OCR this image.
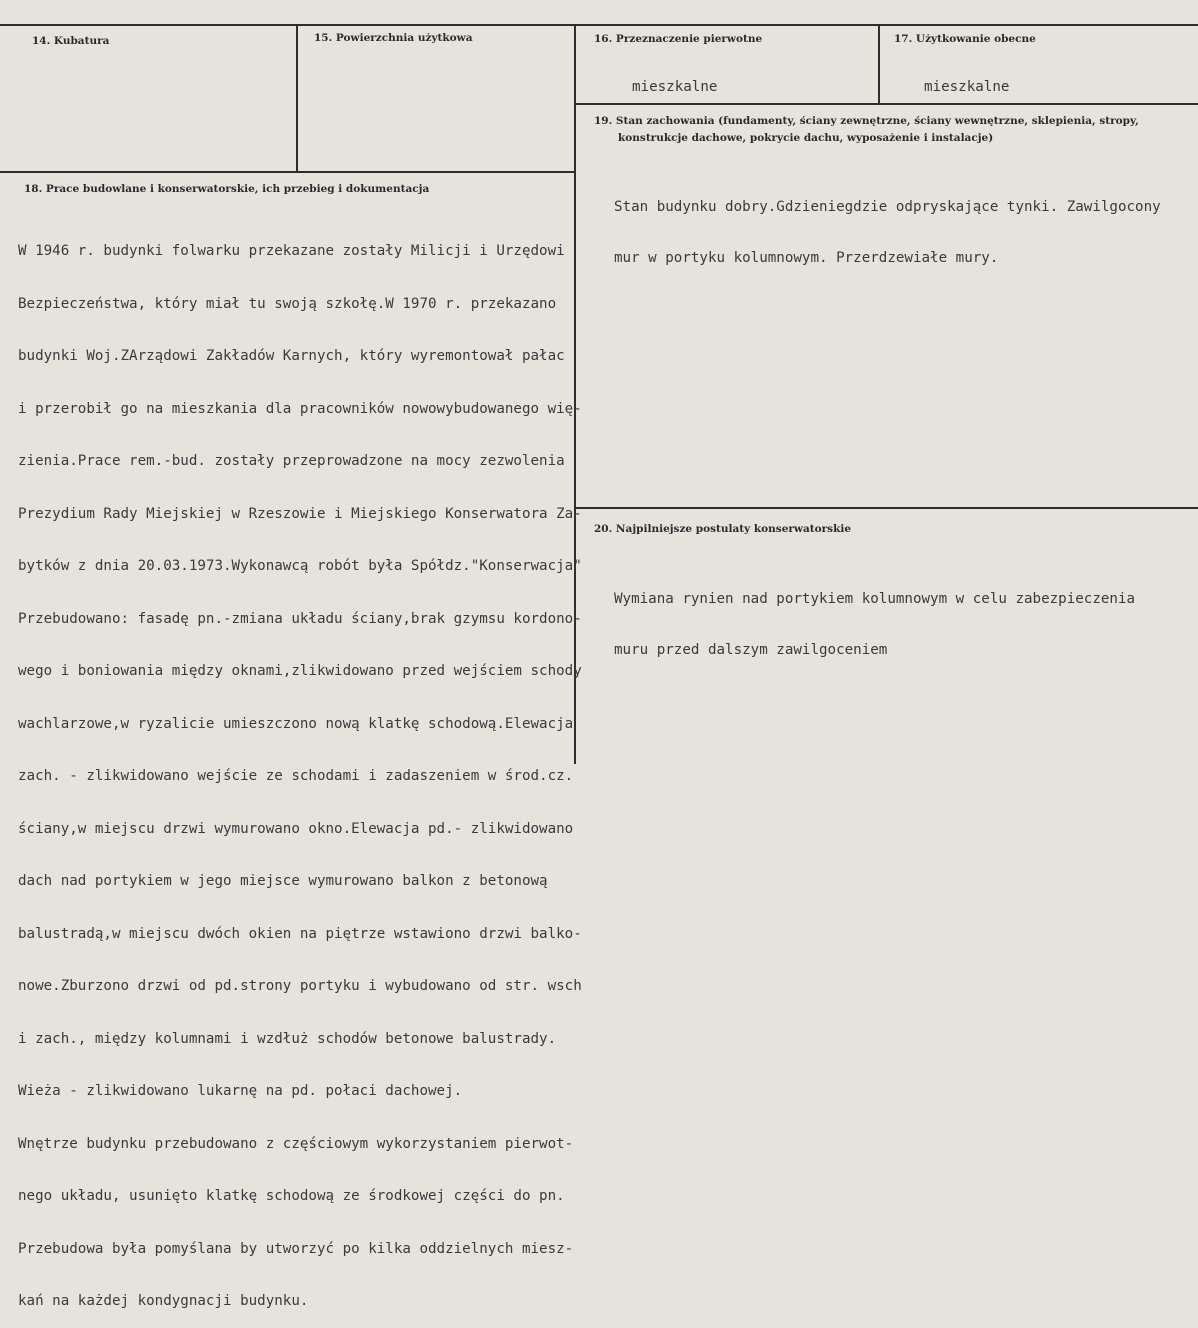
14. Kubatura	15. Powierzchnia użytkowa	16. Przeznaczenie pierwotne
mieszkalne
17. Użytkowanie obecne
mieszkalne
19. Stan zachowania (fundamenty, ściany zewnętrzne, ściany wewnętrzne, sklepienia, stropy,
konstrukcje dachowe, pokrycie dachu, wyposażenie i instalacje)

Stan budynku dobry.Gdzieniegdzie odpryskające tynki. Zawilgocony

mur w portyku kolumnowym. Przerdzewiałe mury.

18. Prace budowlane i konserwatorskie, ich przebieg i dokumentacja

W 1946 r. budynki folwarku przekazane zostały Milicji i Urzędowi

Bezpieczeństwa, który miał tu swoją szkołę.W 1970 r. przekazano

budynki Woj.ZArządowi Zakładów Karnych, który wyremontował pałac

i przerobił go na mieszkania dla pracowników nowowybudowanego wię-

zienia.Prace rem.-bud. zostały przeprowadzone na mocy zezwolenia

Prezydium Rady Miejskiej w Rzeszowie i Miejskiego Konserwatora Za-

bytków z dnia 20.03.1973.Wykonawcą robót była Spółdz."Konserwacja"

Przebudowano: fasadę pn.-zmiana układu ściany,brak gzymsu kordono-

wego i boniowania między oknami,zlikwidowano przed wejściem schody

wachlarzowe,w ryzalicie umieszczono nową klatkę schodową.Elewacja

zach. - zlikwidowano wejście ze schodami i zadaszeniem w środ.cz.

ściany,w miejscu drzwi wymurowano okno.Elewacja pd.- zlikwidowano

dach nad portykiem w jego miejsce wymurowano balkon z betonową

balustradą,w miejscu dwóch okien na piętrze wstawiono drzwi balko-

nowe.Zburzono drzwi od pd.strony portyku i wybudowano od str. wsch

i zach., między kolumnami i wzdłuż schodów betonowe balustrady.

Wieża - zlikwidowano lukarnę na pd. połaci dachowej.

Wnętrze budynku przebudowano z częściowym wykorzystaniem pierwot-

nego układu, usunięto klatkę schodową ze środkowej części do pn.

Przebudowa była pomyślana by utworzyć po kilka oddzielnych miesz-

kań na każdej kondygnacji budynku.

20. Najpilniejsze postulaty konserwatorskie

Wymiana rynien nad portykiem kolumnowym w celu zabezpieczenia

muru przed dalszym zawilgoceniem
